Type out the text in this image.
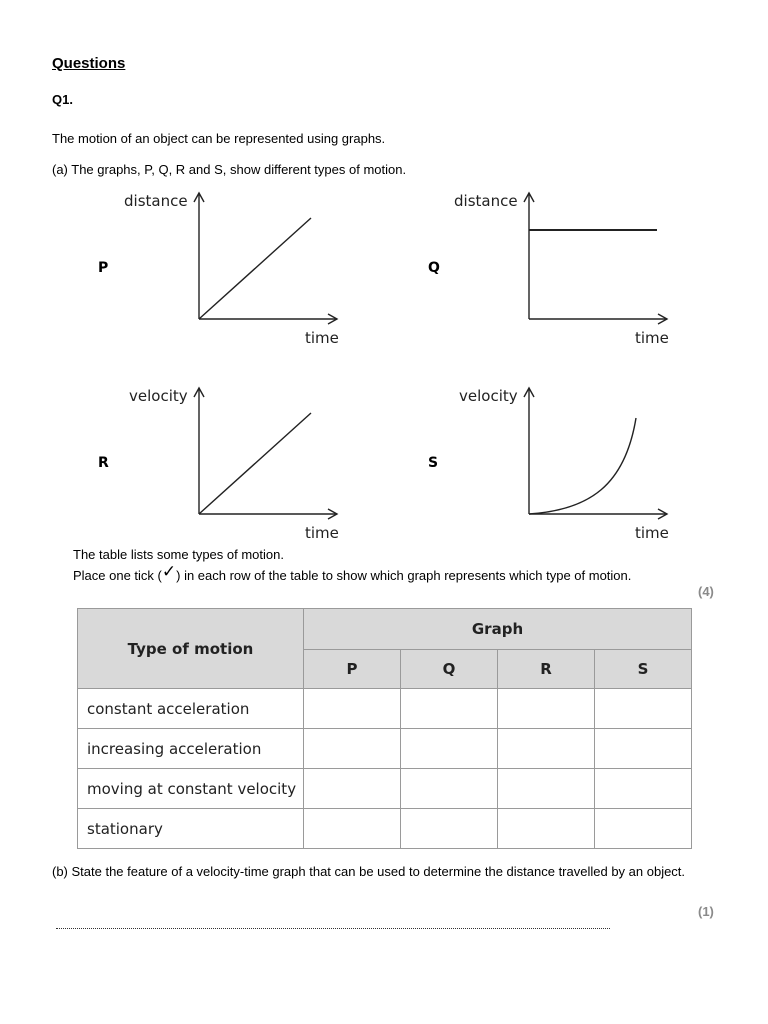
Questions
Q1.
The motion of an object can be represented using graphs.
(a) The graphs, P, Q, R and S, show different types of motion.
P	Q
R	S
distance
time
distance
time
velocity
time
velocity
time
The table lists some types of motion.
Place one tick (✓) in each row of the table to show which graph represents which type of motion.
(4)
Type of motion	Graph			
	P	Q	R	S
constant acceleration				
increasing acceleration				
moving at constant velocity				
stationary				
(b) State the feature of a velocity-time graph that can be used to determine the distance travelled by an object.
(1)
